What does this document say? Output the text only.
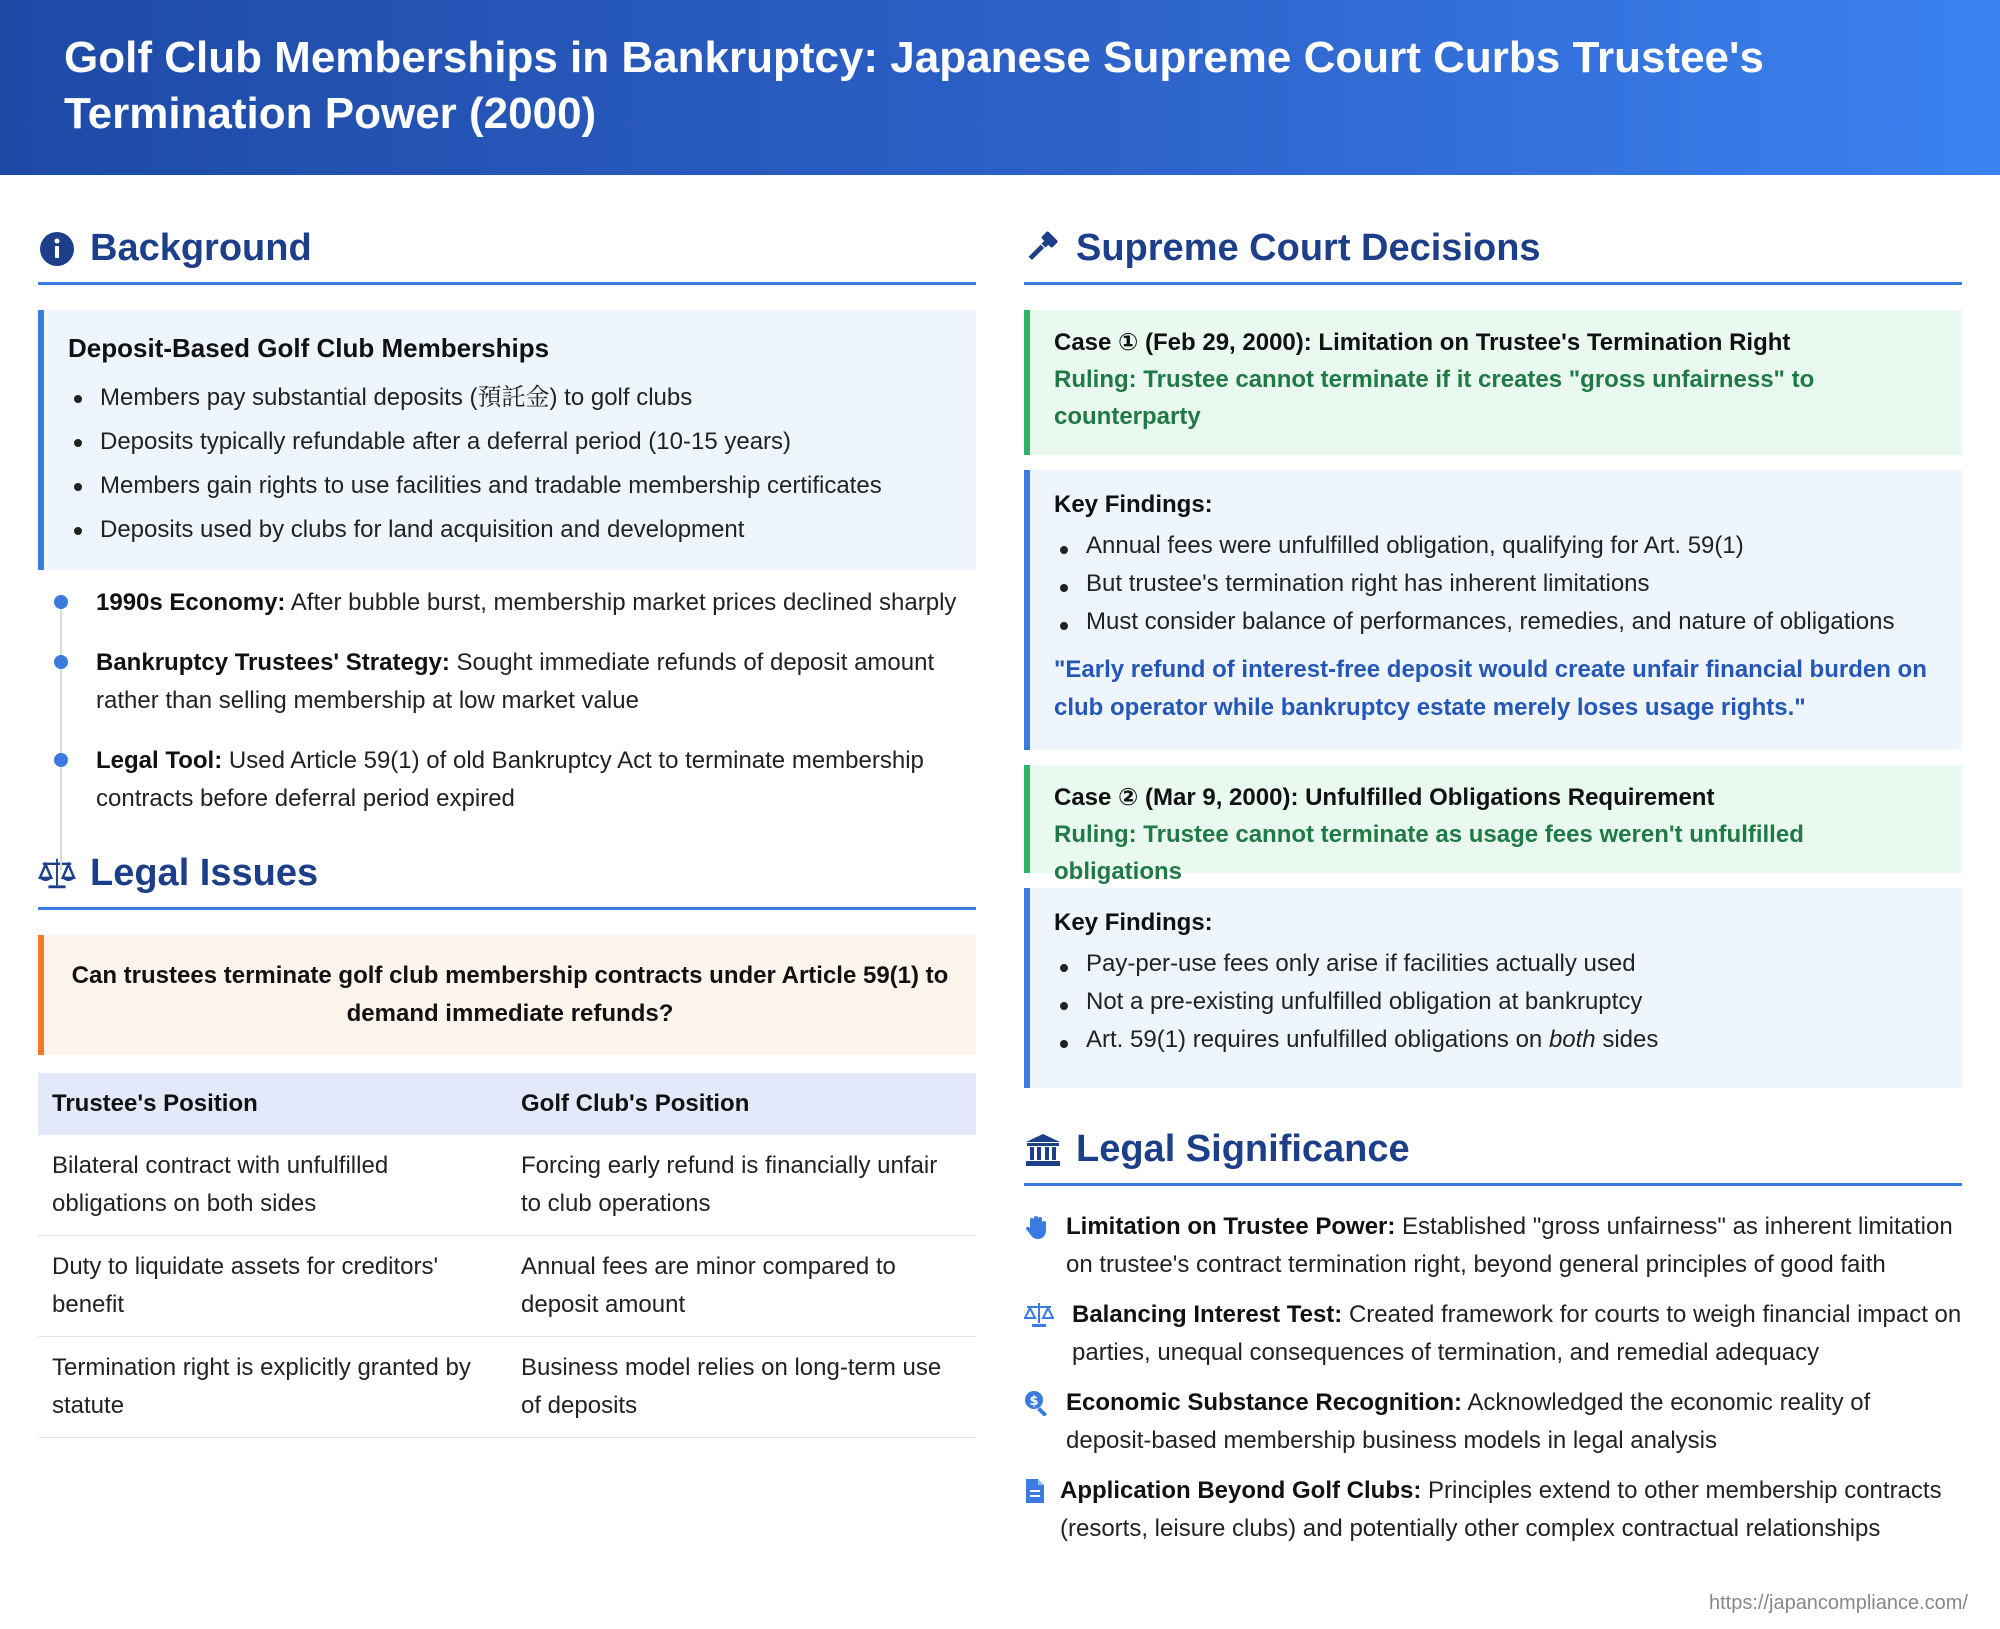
Golf Club Memberships in Bankruptcy: Japanese Supreme Court Curbs Trustee's Termination Power (2000)
Background
Deposit-Based Golf Club Memberships
Members pay substantial deposits (預託金) to golf clubs
Deposits typically refundable after a deferral period (10-15 years)
Members gain rights to use facilities and tradable membership certificates
Deposits used by clubs for land acquisition and development
1990s Economy: After bubble burst, membership market prices declined sharply
Bankruptcy Trustees' Strategy: Sought immediate refunds of deposit amount rather than selling membership at low market value
Legal Tool: Used Article 59(1) of old Bankruptcy Act to terminate membership contracts before deferral period expired
Legal Issues
Can trustees terminate golf club membership contracts under Article 59(1) to demand immediate refunds?
Trustee's Position	Golf Club's Position
Bilateral contract with unfulfilled obligations on both sides	Forcing early refund is financially unfair to club operations
Duty to liquidate assets for creditors' benefit	Annual fees are minor compared to deposit amount
Termination right is explicitly granted by statute	Business model relies on long-term use of deposits
Supreme Court Decisions
Case ① (Feb 29, 2000): Limitation on Trustee's Termination Right
Ruling: Trustee cannot terminate if it creates "gross unfairness" to counterparty
Key Findings:
Annual fees were unfulfilled obligation, qualifying for Art. 59(1)
But trustee's termination right has inherent limitations
Must consider balance of performances, remedies, and nature of obligations
"Early refund of interest-free deposit would create unfair financial burden on club operator while bankruptcy estate merely loses usage rights."
Case ② (Mar 9, 2000): Unfulfilled Obligations Requirement
Ruling: Trustee cannot terminate as usage fees weren't unfulfilled obligations
Key Findings:
Pay-per-use fees only arise if facilities actually used
Not a pre-existing unfulfilled obligation at bankruptcy
Art. 59(1) requires unfulfilled obligations on both sides
Legal Significance
Limitation on Trustee Power: Established "gross unfairness" as inherent limitation on trustee's contract termination right, beyond general principles of good faith
Balancing Interest Test: Created framework for courts to weigh financial impact on parties, unequal consequences of termination, and remedial adequacy
$ Economic Substance Recognition: Acknowledged the economic reality of deposit-based membership business models in legal analysis
Application Beyond Golf Clubs: Principles extend to other membership contracts (resorts, leisure clubs) and potentially other complex contractual relationships
https://japancompliance.com/
